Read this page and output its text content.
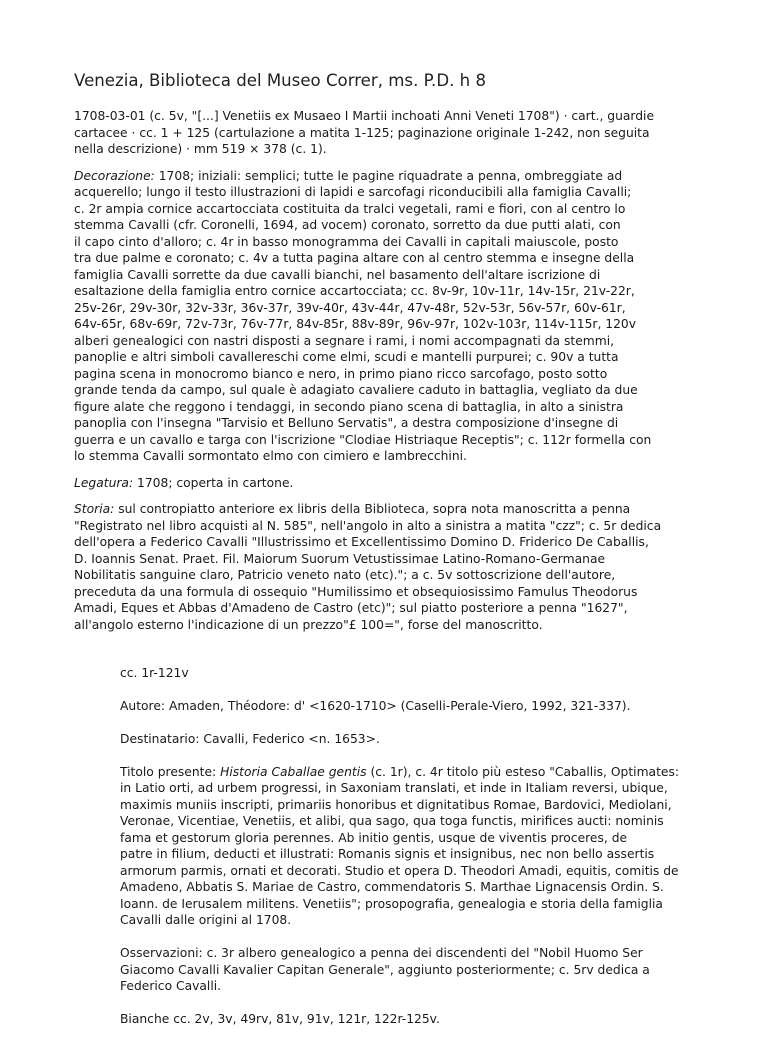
Venezia, Biblioteca del Museo Correr, ms. P.D. h 8

1708-03-01 (c. 5v, "[...] Venetiis ex Musaeo I Martii inchoati Anni Veneti 1708") · cart., guardie
cartacee · cc. 1 + 125 (cartulazione a matita 1-125; paginazione originale 1-242, non seguita
nella descrizione) · mm 519 × 378 (c. 1).

Decorazione: 1708; iniziali: semplici; tutte le pagine riquadrate a penna, ombreggiate ad
acquerello; lungo il testo illustrazioni di lapidi e sarcofagi riconducibili alla famiglia Cavalli;
c. 2r ampia cornice accartocciata costituita da tralci vegetali, rami e fiori, con al centro lo
stemma Cavalli (cfr. Coronelli, 1694, ad vocem) coronato, sorretto da due putti alati, con
il capo cinto d'alloro; c. 4r in basso monogramma dei Cavalli in capitali maiuscole, posto
tra due palme e coronato; c. 4v a tutta pagina altare con al centro stemma e insegne della
famiglia Cavalli sorrette da due cavalli bianchi, nel basamento dell'altare iscrizione di
esaltazione della famiglia entro cornice accartocciata; cc. 8v-9r, 10v-11r, 14v-15r, 21v-22r,
25v-26r, 29v-30r, 32v-33r, 36v-37r, 39v-40r, 43v-44r, 47v-48r, 52v-53r, 56v-57r, 60v-61r,
64v-65r, 68v-69r, 72v-73r, 76v-77r, 84v-85r, 88v-89r, 96v-97r, 102v-103r, 114v-115r, 120v
alberi genealogici con nastri disposti a segnare i rami, i nomi accompagnati da stemmi,
panoplie e altri simboli cavallereschi come elmi, scudi e mantelli purpurei; c. 90v a tutta
pagina scena in monocromo bianco e nero, in primo piano ricco sarcofago, posto sotto
grande tenda da campo, sul quale è adagiato cavaliere caduto in battaglia, vegliato da due
figure alate che reggono i tendaggi, in secondo piano scena di battaglia, in alto a sinistra
panoplia con l'insegna "Tarvisio et Belluno Servatis", a destra composizione d'insegne di
guerra e un cavallo e targa con l'iscrizione "Clodiae Histriaque Receptis"; c. 112r formella con
lo stemma Cavalli sormontato elmo con cimiero e lambrecchini.

Legatura: 1708; coperta in cartone.

Storia: sul contropiatto anteriore ex libris della Biblioteca, sopra nota manoscritta a penna
"Registrato nel libro acquisti al N. 585", nell'angolo in alto a sinistra a matita "czz"; c. 5r dedica
dell'opera a Federico Cavalli "Illustrissimo et Excellentissimo Domino D. Friderico De Caballis,
D. Ioannis Senat. Praet. Fil. Maiorum Suorum Vetustissimae Latino-Romano-Germanae
Nobilitatis sanguine claro, Patricio veneto nato (etc)."; a c. 5v sottoscrizione dell'autore,
preceduta da una formula di ossequio "Humilissimo et obsequiosissimo Famulus Theodorus
Amadi, Eques et Abbas d'Amadeno de Castro (etc)"; sul piatto posteriore a penna "1627",
all'angolo esterno l'indicazione di un prezzo"£ 100=", forse del manoscritto.

cc. 1r-121v

Autore: Amaden, Théodore: d' <1620-1710> (Caselli-Perale-Viero, 1992, 321-337).

Destinatario: Cavalli, Federico <n. 1653>.

Titolo presente: Historia Caballae gentis (c. 1r), c. 4r titolo più esteso "Caballis, Optimates:
in Latio orti, ad urbem progressi, in Saxoniam translati, et inde in Italiam reversi, ubique,
maximis muniis inscripti, primariis honoribus et dignitatibus Romae, Bardovici, Mediolani,
Veronae, Vicentiae, Venetiis, et alibi, qua sago, qua toga functis, mirifices aucti: nominis
fama et gestorum gloria perennes. Ab initio gentis, usque de viventis proceres, de
patre in filium, deducti et illustrati: Romanis signis et insignibus, nec non bello assertis
armorum parmis, ornati et decorati. Studio et opera D. Theodori Amadi, equitis, comitis de
Amadeno, Abbatis S. Mariae de Castro, commendatoris S. Marthae Lignacensis Ordin. S.
Ioann. de Ierusalem militens. Venetiis"; prosopografia, genealogia e storia della famiglia
Cavalli dalle origini al 1708.

Osservazioni: c. 3r albero genealogico a penna dei discendenti del "Nobil Huomo Ser
Giacomo Cavalli Kavalier Capitan Generale", aggiunto posteriormente; c. 5rv dedica a
Federico Cavalli.

Bianche cc. 2v, 3v, 49rv, 81v, 91v, 121r, 122r-125v.
